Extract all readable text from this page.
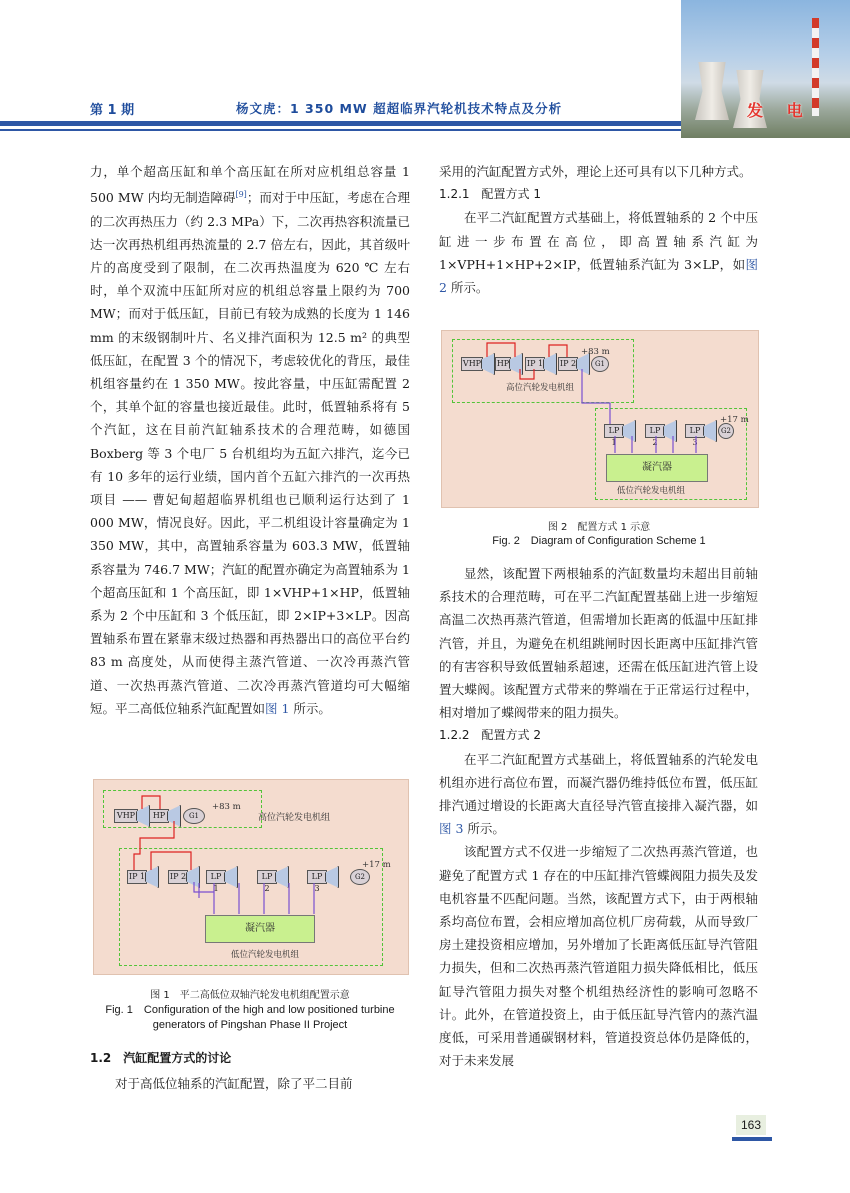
发 电
第 1 期	杨文虎：1 350 MW 超超临界汽轮机技术特点及分析

力，单个超高压缸和单个高压缸在所对应机组总容量 1 500 MW 内均无制造障碍[9]；而对于中压缸，考虑在合理的二次再热压力（约 2.3 MPa）下，二次再热容积流量已达一次再热机组再热流量的 2.7 倍左右，因此，其首级叶片的高度受到了限制，在二次再热温度为 620 ℃ 左右时，单个双流中压缸所对应的机组总容量上限约为 700 MW；而对于低压缸，目前已有较为成熟的长度为 1 146 mm 的末级钢制叶片、名义排汽面积为 12.5 m² 的典型低压缸，在配置 3 个的情况下，考虑较优化的背压，最佳机组容量约在 1 350 MW。按此容量，中压缸需配置 2 个，其单个缸的容量也接近最佳。此时，低置轴系将有 5 个汽缸，这在目前汽缸轴系技术的合理范畴，如德国 Boxberg 等 3 个电厂 5 台机组均为五缸六排汽，迄今已有 10 多年的运行业绩，国内首个五缸六排汽的一次再热项目 —— 曹妃甸超超临界机组也已顺利运行达到了 1 000 MW，情况良好。因此，平二机组设计容量确定为 1 350 MW，其中，高置轴系容量为 603.3 MW，低置轴系容量为 746.7 MW；汽缸的配置亦确定为高置轴系为 1 个超高压缸和 1 个高压缸，即 1×VHP+1×HP，低置轴系为 2 个中压缸和 3 个低压缸，即 2×IP+3×LP。因高置轴系布置在紧靠末级过热器和再热器出口的高位平台约 83 m 高度处，从而使得主蒸汽管道、一次冷再蒸汽管道、一次热再蒸汽管道、二次冷再蒸汽管道均可大幅缩短。平二高低位轴系汽缸配置如图 1 所示。

VHP	HP	G1
+83 m
高位汽轮发电机组
IP 1	IP 2	LP 1
LP 2
LP 3
G2
+17 m
凝汽器
低位汽轮发电机组
图 1　平二高低位双轴汽轮发电机组配置示意
Fig. 1　Configuration of the high and low positioned turbine generators of Pingshan Phase II Project
1.2　汽缸配置方式的讨论
对于高低位轴系的汽缸配置，除了平二目前

采用的汽缸配置方式外，理论上还可具有以下几种方式。

1.2.1　配置方式 1

在平二汽缸配置方式基础上，将低置轴系的 2 个中压缸进一步布置在高位，即高置轴系汽缸为 1×VPH+1×HP+2×IP，低置轴系汽缸为 3×LP，如图 2 所示。

VHP HP IP 1 IP 2	G1
+83 m
高位汽轮发电机组
LP 1
LP 2
LP 3
G2
+17 m
凝汽器
低位汽轮发电机组
图 2　配置方式 1 示意
Fig. 2　Diagram of Configuration Scheme 1

显然，该配置下两根轴系的汽缸数量均未超出目前轴系技术的合理范畴，可在平二汽缸配置基础上进一步缩短高温二次热再蒸汽管道，但需增加长距离的低温中压缸排汽管，并且，为避免在机组跳闸时因长距离中压缸排汽管的有害容积导致低置轴系超速，还需在低压缸进汽管上设置大蝶阀。该配置方式带来的弊端在于正常运行过程中，相对增加了蝶阀带来的阻力损失。

1.2.2　配置方式 2

在平二汽缸配置方式基础上，将低置轴系的汽轮发电机组亦进行高位布置，而凝汽器仍维持低位布置，低压缸排汽通过增设的长距离大直径导汽管直接排入凝汽器，如图 3 所示。

该配置方式不仅进一步缩短了二次热再蒸汽管道，也避免了配置方式 1 存在的中压缸排汽管蝶阀阻力损失及发电机容量不匹配问题。当然，该配置方式下，由于两根轴系均高位布置，会相应增加高位机厂房荷载，从而导致厂房土建投资相应增加，另外增加了长距离低压缸导汽管阻力损失，但和二次热再蒸汽管道阻力损失降低相比，低压缸导汽管阻力损失对整个机组热经济性的影响可忽略不计。此外，在管道投资上，由于低压缸导汽管内的蒸汽温度低，可采用普通碳钢材料，管道投资总体仍是降低的，对于未来发展

163
